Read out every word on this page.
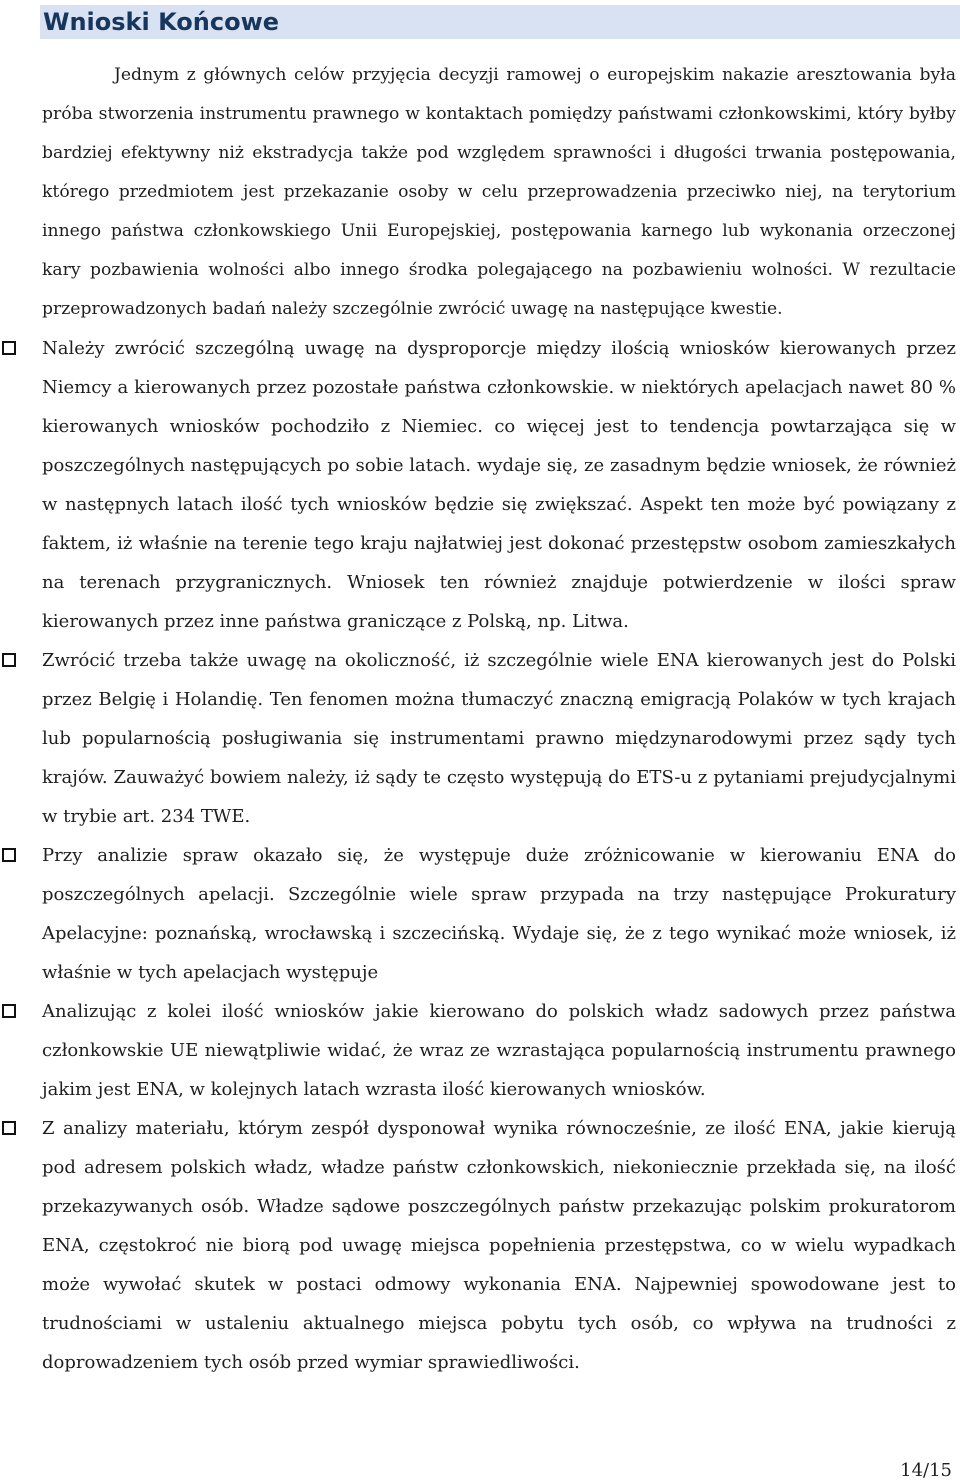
Wnioski Końcowe

Jednym z głównych celów przyjęcia decyzji ramowej o europejskim nakazie aresztowania była próba stworzenia instrumentu prawnego w kontaktach pomiędzy państwami członkowskimi, który byłby bardziej efektywny niż ekstradycja także pod względem sprawności i długości trwania postępowania, którego przedmiotem jest przekazanie osoby w celu przeprowadzenia przeciwko niej, na terytorium innego państwa członkowskiego Unii Europejskiej, postępowania karnego lub wykonania orzeczonej kary pozbawienia wolności albo innego środka polegającego na pozbawieniu wolności. W rezultacie przeprowadzonych badań należy szczególnie zwrócić uwagę na następujące kwestie.

Należy zwrócić szczególną uwagę na dysproporcje między ilością wniosków kierowanych przez Niemcy a kierowanych przez pozostałe państwa członkowskie. w niektórych apelacjach nawet 80 % kierowanych wniosków pochodziło z Niemiec. co więcej jest to tendencja powtarzająca się w poszczególnych następujących po sobie latach. wydaje się, ze zasadnym będzie wniosek, że również w następnych latach ilość tych wniosków będzie się zwiększać. Aspekt ten może być powiązany z faktem, iż właśnie na terenie tego kraju najłatwiej jest dokonać przestępstw osobom zamieszkałych na terenach przygranicznych. Wniosek ten również znajduje potwierdzenie w ilości spraw kierowanych przez inne państwa graniczące z Polską, np. Litwa.

Zwrócić trzeba także uwagę na okoliczność, iż szczególnie wiele ENA kierowanych jest do Polski przez Belgię i Holandię. Ten fenomen można tłumaczyć znaczną emigracją Polaków w tych krajach lub popularnością posługiwania się instrumentami prawno międzynarodowymi przez sądy tych krajów. Zauważyć bowiem należy, iż sądy te często występują do ETS-u z pytaniami prejudycjalnymi w trybie art. 234 TWE.

Przy analizie spraw okazało się, że występuje duże zróżnicowanie w kierowaniu ENA do poszczególnych apelacji. Szczególnie wiele spraw przypada na trzy następujące Prokuratury Apelacyjne: poznańską, wrocławską i szczecińską. Wydaje się, że z tego wynikać może wniosek, iż właśnie w tych apelacjach występuje

Analizując z kolei ilość wniosków jakie kierowano do polskich władz sadowych przez państwa członkowskie UE niewątpliwie widać, że wraz ze wzrastająca popularnością instrumentu prawnego jakim jest ENA, w kolejnych latach wzrasta ilość kierowanych wniosków.

Z analizy materiału, którym zespół dysponował wynika równocześnie, ze ilość ENA, jakie kierują pod adresem polskich władz, władze państw członkowskich, niekoniecznie przekłada się, na ilość przekazywanych osób. Władze sądowe poszczególnych państw przekazując polskim prokuratorom ENA, częstokroć nie biorą pod uwagę miejsca popełnienia przestępstwa, co w wielu wypadkach może wywołać skutek w postaci odmowy wykonania ENA. Najpewniej spowodowane jest to trudnościami w ustaleniu aktualnego miejsca pobytu tych osób, co wpływa na trudności z doprowadzeniem tych osób przed wymiar sprawiedliwości.

14/15
